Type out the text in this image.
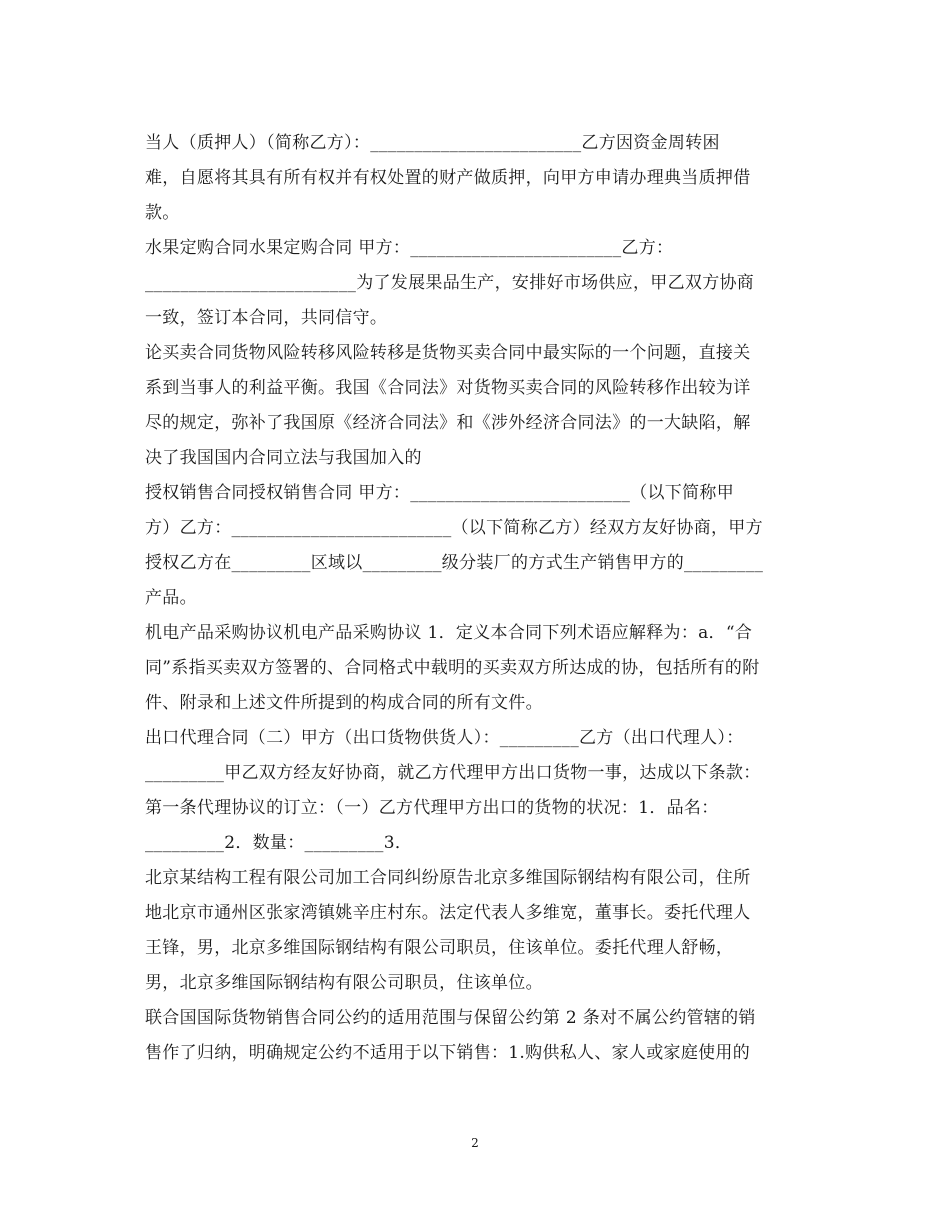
当人（质押人）（简称乙方）：________________________乙方因资金周转困
难，自愿将其具有所有权并有权处置的财产做质押，向甲方申请办理典当质押借
款。
水果定购合同水果定购合同 甲方：________________________乙方：
________________________为了发展果品生产，安排好市场供应，甲乙双方协商
一致，签订本合同，共同信守。
论买卖合同货物风险转移风险转移是货物买卖合同中最实际的一个问题，直接关
系到当事人的利益平衡。我国《合同法》对货物买卖合同的风险转移作出较为详
尽的规定，弥补了我国原《经济合同法》和《涉外经济合同法》的一大缺陷，解
决了我国国内合同立法与我国加入的
授权销售合同授权销售合同 甲方：_________________________（以下简称甲
方）乙方：_________________________（以下简称乙方）经双方友好协商，甲方
授权乙方在_________区域以_________级分装厂的方式生产销售甲方的_________
产品。
机电产品采购协议机电产品采购协议 1．定义本合同下列术语应解释为：a．“合
同”系指买卖双方签署的、合同格式中载明的买卖双方所达成的协，包括所有的附
件、附录和上述文件所提到的构成合同的所有文件。
出口代理合同（二）甲方（出口货物供货人）：_________乙方（出口代理人）：
_________甲乙双方经友好协商，就乙方代理甲方出口货物一事，达成以下条款：
第一条代理协议的订立：（一）乙方代理甲方出口的货物的状况：1．品名：
_________2．数量：_________3．
北京某结构工程有限公司加工合同纠纷原告北京多维国际钢结构有限公司，住所
地北京市通州区张家湾镇姚辛庄村东。法定代表人多维宽，董事长。委托代理人
王锋，男，北京多维国际钢结构有限公司职员，住该单位。委托代理人舒畅，
男，北京多维国际钢结构有限公司职员，住该单位。
联合国国际货物销售合同公约的适用范围与保留公约第 2 条对不属公约管辖的销
售作了归纳，明确规定公约不适用于以下销售：1.购供私人、家人或家庭使用的
2
